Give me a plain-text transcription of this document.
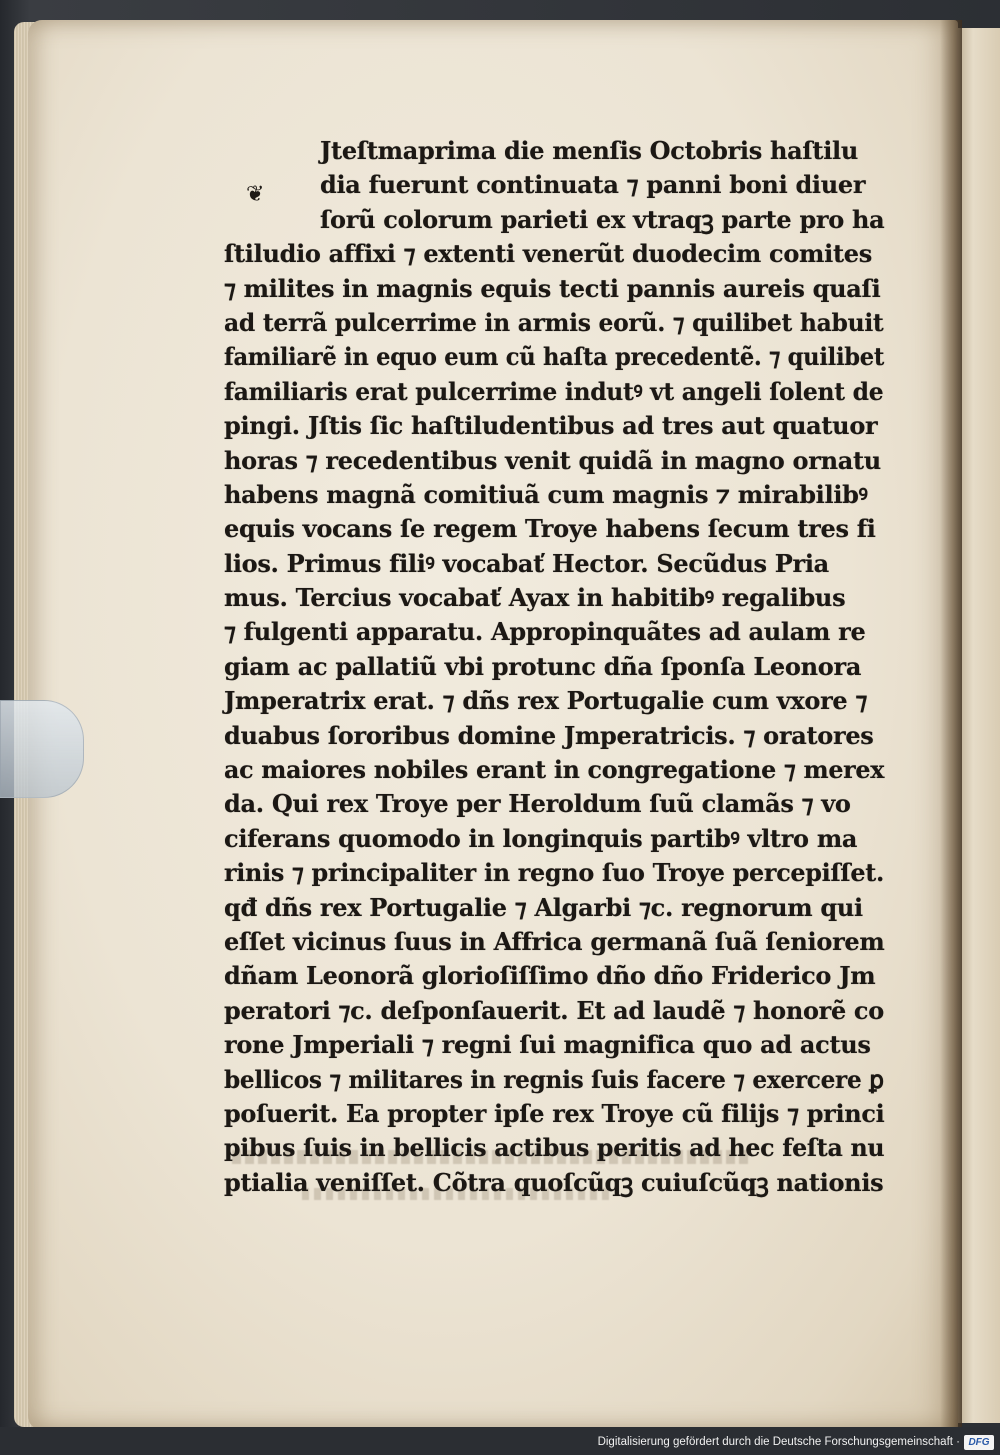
❦
Jteſtmaprima die menſis Octobris haſtilu
dia fuerunt continuata ⁊ panni boni diuer
ſorũ colorum parieti ex vtraqꝫ parte pro ha
ſtiludio affixi ⁊ extenti venerũt duodecim comites
⁊ milites in magnis equis tecti pannis aureis quaſi
ad terrã pulcerrime in armis eorũ. ⁊ quilibet habuit
familiarẽ in equo eum cũ haſta precedentẽ. ⁊ quilibet
familiaris erat pulcerrime indutꝰ vt angeli ſolent de
pingi. Jſtis ſic haſtiludentibus ad tres aut quatuor
horas ⁊ recedentibus venit quidã in magno ornatu
habens magnã comitiuã cum magnis ⁊ mirabilibꝰ
equis vocans ſe regem Troye habens ſecum tres fi
lios. Primus filiꝰ vocabať Hector. Secũdus Pria
mus. Tercius vocabať Ayax in habitibꝰ regalibus
⁊ fulgenti apparatu. Appropinquãtes ad aulam re
giam ac pallatiũ vbi protunc dña ſponſa Leonora
Jmperatrix erat. ⁊ dñs rex Portugalie cum vxore ⁊
duabus ſororibus domine Jmperatricis. ⁊ oratores
ac maiores nobiles erant in congregatione ⁊ merex
da. Qui rex Troye per Heroldum ſuũ clamãs ⁊ vo
ciferans quomodo in longinquis partibꝰ vltro ma
rinis ⁊ principaliter in regno ſuo Troye percepiſſet.
qđ dñs rex Portugalie ⁊ Algarbi ⁊c. regnorum qui
eſſet vicinus ſuus in Affrica germanã ſuã ſeniorem
dñam Leonorã glorioſiſſimo dño dño Friderico Jm
peratori ⁊c. deſponſauerit. Et ad laudẽ ⁊ honorẽ co
rone Jmperiali ⁊ regni ſui magnifica quo ad actus
bellicos ⁊ militares in regnis ſuis facere ⁊ exercere ꝑ
poſuerit. Ea propter ipſe rex Troye cũ filijs ⁊ princi
pibus ſuis in bellicis actibus peritis ad hec feſta nu
ptialia veniſſet. Cõtra quoſcũqꝫ cuiuſcũqꝫ nationis
Digitalisierung gefördert durch die Deutsche Forschungsgemeinschaft · DFG
